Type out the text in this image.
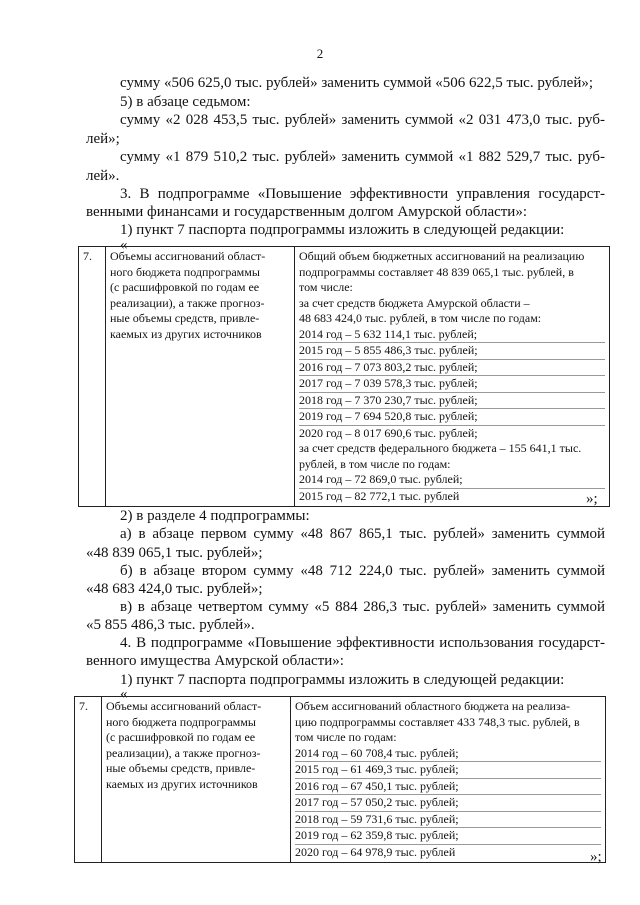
2
сумму «506 625,0 тыс. рублей» заменить суммой «506 622,5 тыс. рублей»;
5) в абзаце седьмом:
сумму «2 028 453,5 тыс. рублей» заменить суммой «2 031 473,0 тыс. руб-
лей»;
сумму «1 879 510,2 тыс. рублей» заменить суммой «1 882 529,7 тыс. руб-
лей».
3. В подпрограмме «Повышение эффективности управления государст-
венными финансами и государственным долгом Амурской области»:
1) пункт 7 паспорта подпрограммы изложить в следующей редакции:
«
7.	Объемы ассигнований област-
ного бюджета подпрограммы
(с расшифровкой по годам ее
реализации), а также прогноз-
ные объемы средств, привле-
каемых из других источников

Общий объем бюджетных ассигнований на реализацию
подпрограммы составляет 48 839 065,1 тыс. рублей, в
том числе:
за счет средств бюджета Амурской области –
48 683 424,0 тыс. рублей, в том числе по годам:
2014 год – 5 632 114,1 тыс. рублей;
2015 год – 5 855 486,3 тыс. рублей;
2016 год – 7 073 803,2 тыс. рублей;
2017 год – 7 039 578,3 тыс. рублей;
2018 год – 7 370 230,7 тыс. рублей;
2019 год – 7 694 520,8 тыс. рублей;
2020 год – 8 017 690,6 тыс. рублей;
за счет средств федерального бюджета – 155 641,1 тыс.
рублей, в том числе по годам:
2014 год – 72 869,0 тыс. рублей;
2015 год – 82 772,1 тыс. рублей	»;
2) в разделе 4 подпрограммы:
а) в абзаце первом сумму «48 867 865,1 тыс. рублей» заменить суммой
«48 839 065,1 тыс. рублей»;
б) в абзаце втором сумму «48 712 224,0 тыс. рублей» заменить суммой
«48 683 424,0 тыс. рублей»;
в) в абзаце четвертом сумму «5 884 286,3 тыс. рублей» заменить суммой
«5 855 486,3 тыс. рублей».
4. В подпрограмме «Повышение эффективности использования государст-
венного имущества Амурской области»:
1) пункт 7 паспорта подпрограммы изложить в следующей редакции:
«
7.	Объемы ассигнований област-
ного бюджета подпрограммы
(с расшифровкой по годам ее
реализации), а также прогноз-
ные объемы средств, привле-
каемых из других источников

Объем ассигнований областного бюджета на реализа-
цию подпрограммы составляет 433 748,3 тыс. рублей, в
том числе по годам:
2014 год – 60 708,4 тыс. рублей;
2015 год – 61 469,3 тыс. рублей;
2016 год – 67 450,1 тыс. рублей;
2017 год – 57 050,2 тыс. рублей;
2018 год – 59 731,6 тыс. рублей;
2019 год – 62 359,8 тыс. рублей;
2020 год – 64 978,9 тыс. рублей	»;
